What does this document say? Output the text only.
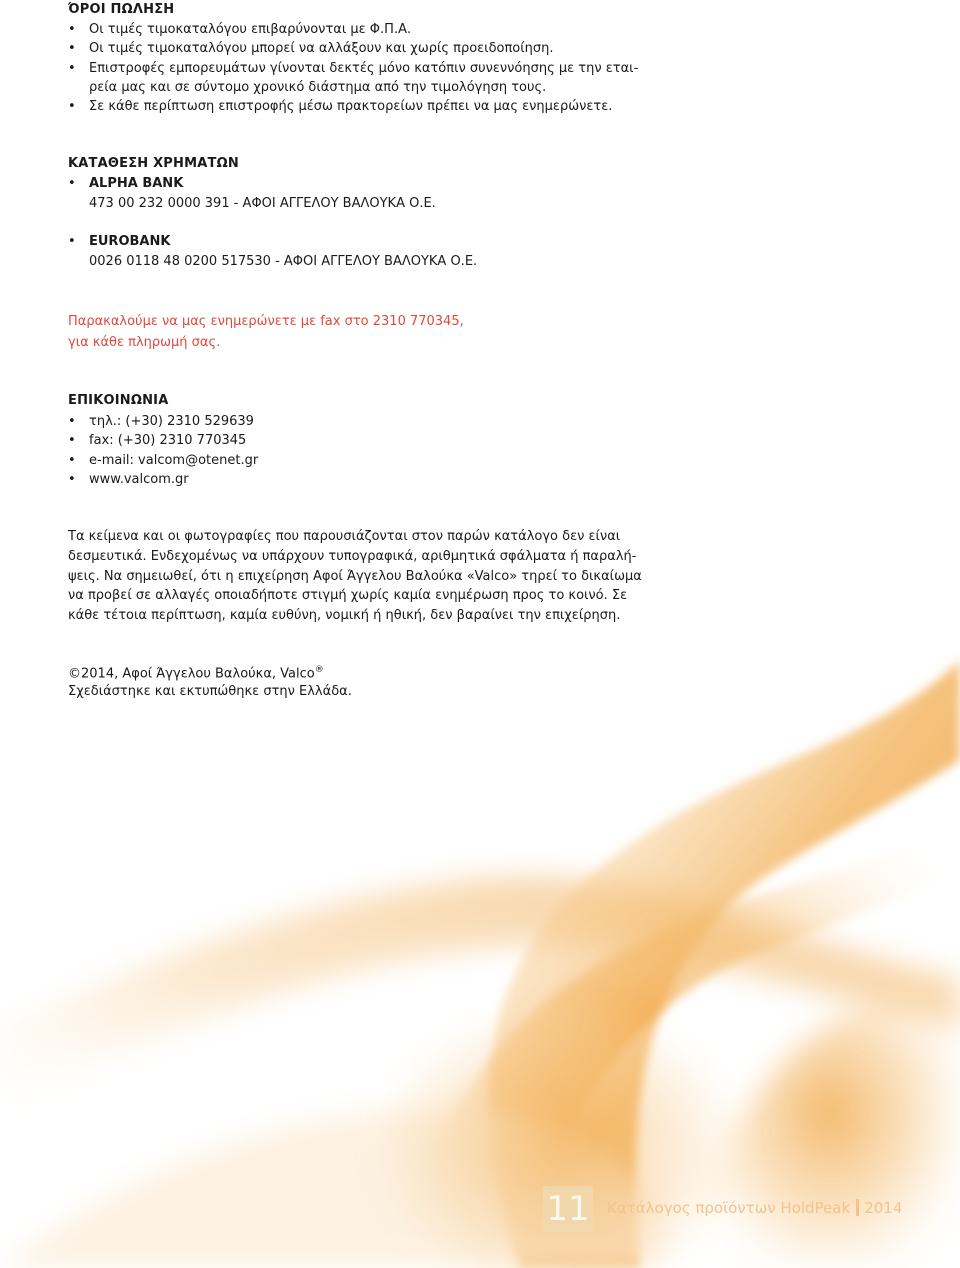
ΌΡΟΙ ΠΩΛΗΣΗ
• Οι τιμές τιμοκαταλόγου επιβαρύνονται με Φ.Π.Α.
• Οι τιμές τιμοκαταλόγου μπορεί να αλλάξουν και χωρίς προειδοποίηση.
• Επιστροφές εμπορευμάτων γίνονται δεκτές μόνο κατόπιν συνεννόησης με την εται-
ρεία μας και σε σύντομο χρονικό διάστημα από την τιμολόγηση τους.
• Σε κάθε περίπτωση επιστροφής μέσω πρακτορείων πρέπει να μας ενημερώνετε.
ΚΑΤΑΘΕΣΗ ΧΡΗΜΑΤΩΝ
• ALPHA BANK
473 00 232 0000 391 - ΑΦΟΙ ΑΓΓΕΛΟΥ ΒΑΛΟΥΚΑ Ο.Ε.
• EUROBANK
0026 0118 48 0200 517530 - ΑΦΟΙ ΑΓΓΕΛΟΥ ΒΑΛΟΥΚΑ Ο.Ε.
Παρακαλούμε να μας ενημερώνετε με fax στο 2310 770345,
για κάθε πληρωμή σας.
ΕΠΙΚΟΙΝΩΝΙΑ
• τηλ.: (+30) 2310 529639
• fax: (+30) 2310 770345
• e-mail: valcom@otenet.gr
• www.valcom.gr
Τα κείμενα και οι φωτογραφίες που παρουσιάζονται στον παρών κατάλογο δεν είναι
δεσμευτικά. Ενδεχομένως να υπάρχουν τυπογραφικά, αριθμητικά σφάλματα ή παραλή-
ψεις. Να σημειωθεί, ότι η επιχείρηση Αφοί Άγγελου Βαλούκα «Valco» τηρεί το δικαίωμα
να προβεί σε αλλαγές οποιαδήποτε στιγμή χωρίς καμία ενημέρωση προς το κοινό. Σε
κάθε τέτοια περίπτωση, καμία ευθύνη, νομική ή ηθική, δεν βαραίνει την επιχείρηση.
©2014, Αφοί Άγγελου Βαλούκα, Valco®
Σχεδιάστηκε και εκτυπώθηκε στην Ελλάδα.
11 Κατάλογος προϊόντων HoldPeak 2014
